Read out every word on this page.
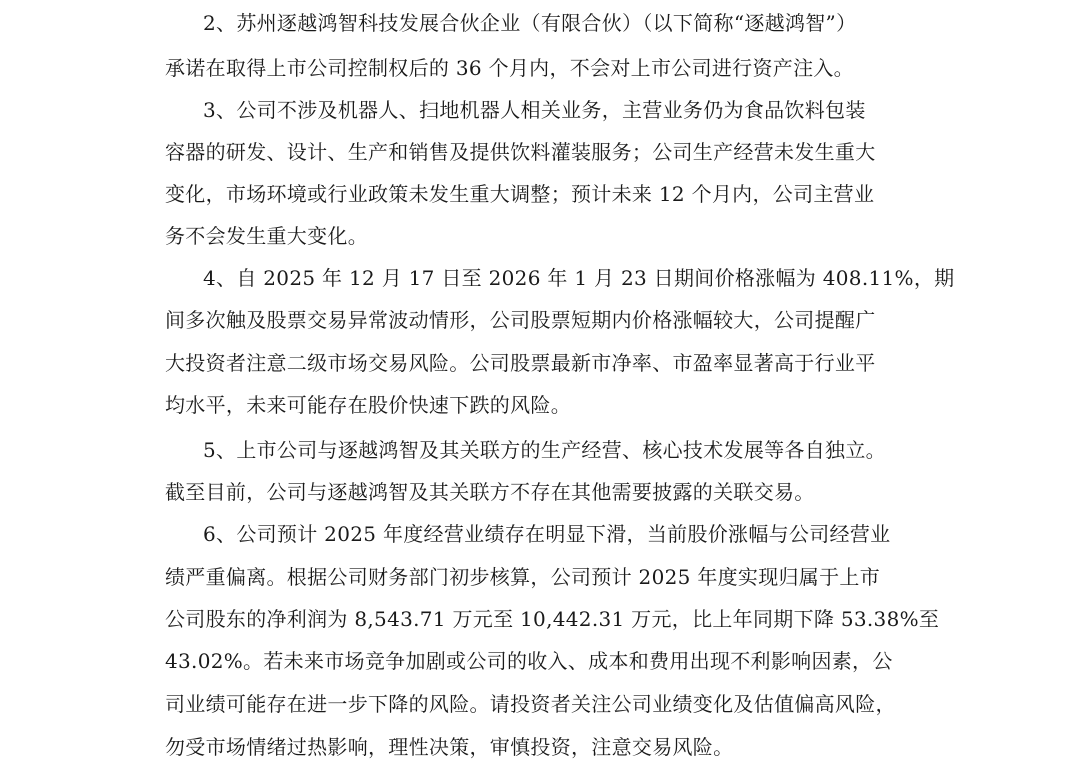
2、苏州逐越鸿智科技发展合伙企业（有限合伙）（以下简称“逐越鸿智”）
承诺在取得上市公司控制权后的 36 个月内，不会对上市公司进行资产注入。
3、公司不涉及机器人、扫地机器人相关业务，主营业务仍为食品饮料包装
容器的研发、设计、生产和销售及提供饮料灌装服务；公司生产经营未发生重大
变化，市场环境或行业政策未发生重大调整；预计未来 12 个月内，公司主营业
务不会发生重大变化。
4、自 2025 年 12 月 17 日至 2026 年 1 月 23 日期间价格涨幅为 408.11%，期
间多次触及股票交易异常波动情形，公司股票短期内价格涨幅较大，公司提醒广
大投资者注意二级市场交易风险。公司股票最新市净率、市盈率显著高于行业平
均水平，未来可能存在股价快速下跌的风险。
5、上市公司与逐越鸿智及其关联方的生产经营、核心技术发展等各自独立。
截至目前，公司与逐越鸿智及其关联方不存在其他需要披露的关联交易。
6、公司预计 2025 年度经营业绩存在明显下滑，当前股价涨幅与公司经营业
绩严重偏离。根据公司财务部门初步核算，公司预计 2025 年度实现归属于上市
公司股东的净利润为 8,543.71 万元至 10,442.31 万元，比上年同期下降 53.38%至
43.02%。若未来市场竞争加剧或公司的收入、成本和费用出现不利影响因素，公
司业绩可能存在进一步下降的风险。请投资者关注公司业绩变化及估值偏高风险，
勿受市场情绪过热影响，理性决策，审慎投资，注意交易风险。
